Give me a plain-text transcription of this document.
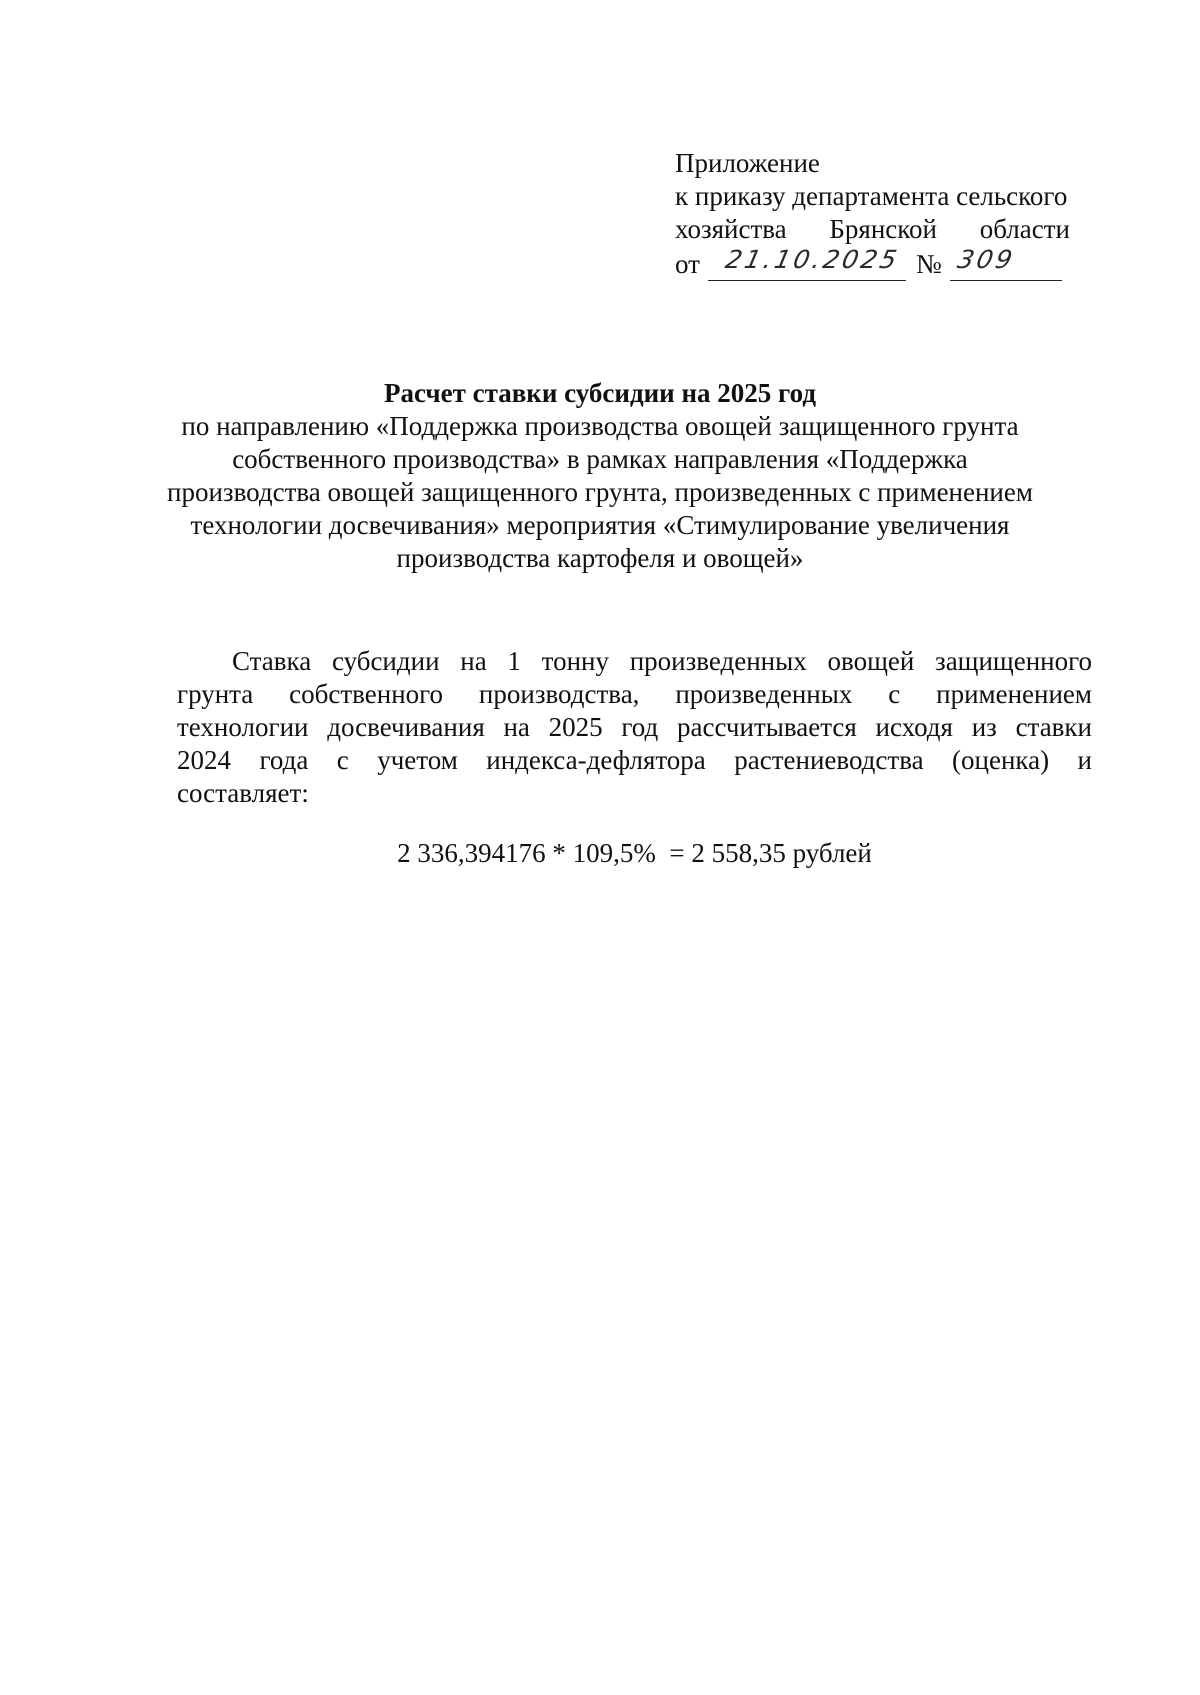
Приложение
к приказу департамента сельского
хозяйства Брянской области
от 21.10.2025 № 309
Расчет ставки субсидии на 2025 год
по направлению «Поддержка производства овощей защищенного грунта
собственного производства» в рамках направления «Поддержка
производства овощей защищенного грунта, произведенных с применением
технологии досвечивания» мероприятия «Стимулирование увеличения
производства картофеля и овощей»
Ставка субсидии на 1 тонну произведенных овощей защищенного
грунта собственного производства, произведенных с применением
технологии досвечивания на 2025 год рассчитывается исходя из ставки
2024 года с учетом индекса-дефлятора растениеводства (оценка) и
составляет:
2 336,394176 * 109,5%  = 2 558,35 рублей
